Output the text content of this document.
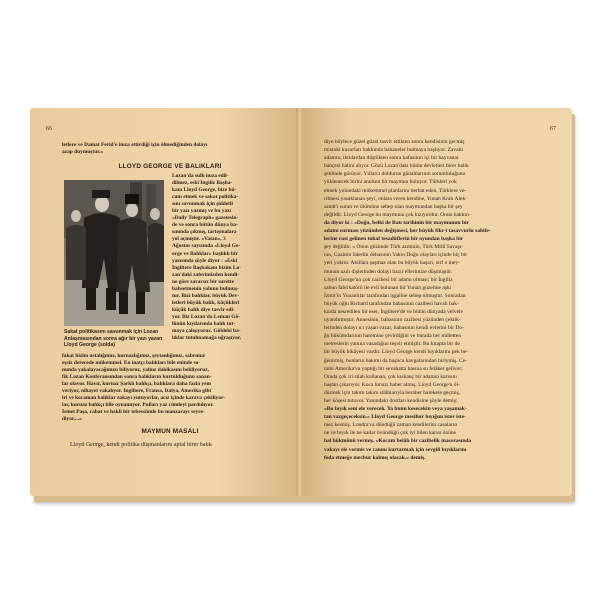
66
letlere ve Damat Ferid'e imza ettirdiği için ölmediğinden dolayı
azap duymuştur.»
LLOYD GEORGE VE BALIKLARI
Sakat politikasını savunmak için Lozan Anlaşmasından sonra ağır bir yazı yazan Lloyd George (solda)
Lozan'da sulh imza edil-
dilmez, eski İngiliz Başba-
kanı Lloyd George, bize hü-
cum etmek ve sakat politika-
sını savunmak için şiddetli
bir yazı yazmış ve bu yazı
«Daily Telegraph» gazetesin-
de ve sonra bütün dünya ba-
sınında çıkmış, tartışmalara
yol açmıştır. «Vatan», 3
Ağustos sayısında «Lloyd Ge-
orge ve Balıklar» başlıklı bir
yazısında şöyle diyor : «Eski
İngiltere Başbakanı bizim Lo-
zan'daki zaferimizden kendi-
ne göre zararsız bir surette
bahsetmenin yolunu bulmuş-
tur. Bizi balıklar, büyük Dev-
letleri büyük balık, küçükleri
küçük balık diye tasvir edi-
yor. Biz Lozan'da Leman Gö-
lünün kıyılarında balık tut-
maya çalışıyoruz. Göldeki ba-
lıklar tutulmamağa uğraşıyor,
fakat bizim ustalığımız, kurnazlığımız, şeytanlığımız, sabrımız
eşsiz derecede mükemmel. En inatçı balıkları bile eninde so-
nunda yakalayacağımızı biliyoruz, yalnız dakikasını bekliyoruz,
fik Lozan Konferansından sonra balıkların kurtulduğunu sanan-
lar olavor. Havır, kurnaz Şarklı balıkçı, balıklara daha fazla yem
veriyor, nihayet vakalıyor. İngiltere, Fransa, İtalya, Amerika gibi
iri ve kocaman balıklar zokayı yutuyorlar, acız içinde karava çekiliyor-
lar, kurnaz balıkçı bile oynamıyor. Pulları yaz cümleyi pardıdıyor.
İsmet Paşa, rahat ve hakli bir tebessümle bu manzarayı seyre-
diyor....»
MAYMUN MASALI
Lloyd George, kendi politika düşmanlarını aptal birer balık
67
diye böylece güzel güzel tasvir ettikten sonra kendisinin gecmiş
mistoki kusurları hakkında bahaneler bulmaya başlıyor. Zavallı
adamın, iktidardan düştükten sonra kafasının içi bir hayvanat
bahçesi halini alıyor. Gözü Lozan'daki bütün devletleri birer balık
şeklinde görüyor. Yıllarcı doldurun günahlarının sorumluluğunu
yüklenecek birini ararken bir maymun buluyor. Türkleri yok
etmek yolundaki mükemmel planlarını berbat eden, Türklere ve-
rilmesi yasaklanan şeyi, onlara veren kendine, Yunan Kralı Alek-
sandr'ı ısıran ve ölümüne sebep olan maymundan başka bir şey
değildir. Lloyd George bu maymuna çok kızıyordur. Onun hakkın-
da diyor ki : «Doğu, belki de Batı tarihinin bir maymunun bir
adamı ısırması yüzünden değişmesi, her büyük fikr-i tasavvurlu sahife-
lerine rast gelinen tuhaf tesadüflerin bir oyundan başka bir
şey değildir. » Onun gözünde Türk azminin, Türk Millî Savaşı-
nın, Gazinin liderlik dehasının Yakın Doğu olayları içinde hiç bir
yeri yoktur. Akıllara şaşmaz olan bu büyük başarı, sırf o mey-
munun azılı dişlerinden dolayı hazır ellerimize düşmüştür.
Lloyd George'un çok cazibesi bir adamı olması; bir İngiliz
sabun fabrikatörü ile evli bulunan bir Yunan güzeline aşkı
İzmir'in Yunanlılar tarafından işgaline sebep olmuştur. Sonradan
büyük oğlu Richard tarafından babasının cazibesi havalı hak-
kında nesredilen bir eser, İngiltere'de ve bütün dünyada velvele
uyandırmıştır. Annesinin, babasının cazibesi yüzünden çektik-
lerinden dolayı ıcı yaşan vazar, babasının kendi evlerini bir Do-
ğu hükümdarının haremine çevirdiğini ve burada her milletten
metreslerin yanına vasadığını teşvir etmiştir. Bu kitapta bir de
bir büyük hikâyesi vardır. Lloyd George kendi bıyıklarını pek be-
ğenirmiş, bunların bakımı da başlıca kavgalarından biriymiş. Ce-
nubi Amerika'va yaptığı bir sevahatta basına su felâket gelivor:
Orada çok iri silah kullanan, çok kıskanç bir adamın karısını
baştan çıkarıyor. Koca hırsızı haber almış, Lloyd George'u öl-
dürmek için takım takım silâhlarıyla beraber harekete geçmiş,
her köşesi tutuvor. Yanındaki dostları kendisine şöyle demiş:
«Bu bıyık seni ele verecek. Ya bunu kesecekin veya yaşamak-
tan vazgeçeceksin.» Lloyd George mesihur bıyığını ister iste-
mez kesmiş. Londra'va döndüğü zaman kendilerini casaların
ne ve bıyık ile ne kadar övündüğü çok iyi bilen karısı önüne
bal hükmünü vermiş. «Kocam belâlı bir cazibelik macerasında
vakayı ele vermis ve canını kurtarmak için sevgili bıyıklarını
feda etmeğe mecbur kalmış olacak.» demiş.
